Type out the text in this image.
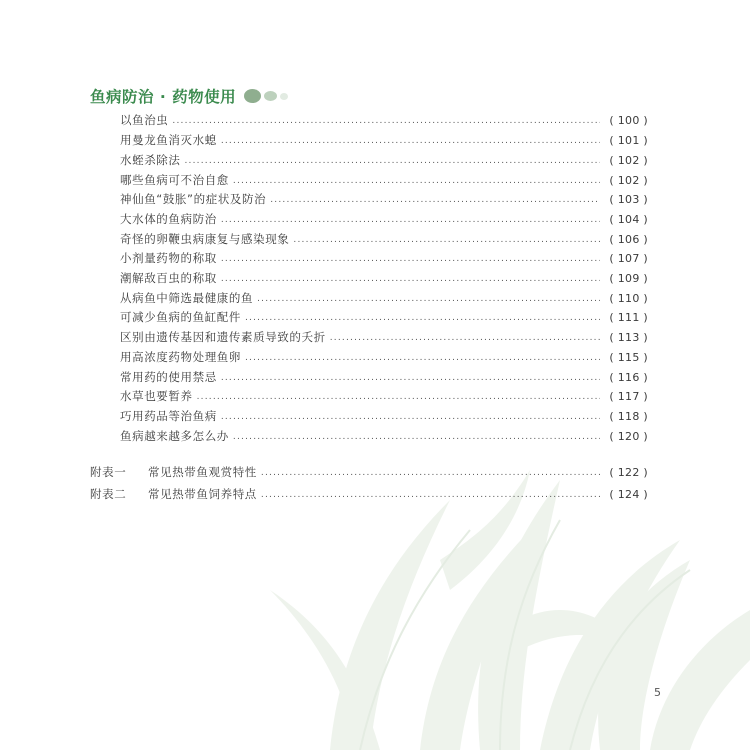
鱼病防治 · 药物使用
以鱼治虫 .....	( 100 )
用曼龙鱼消灭水螅 .....	( 101 )
水蛭杀除法 .....	( 102 )
哪些鱼病可不治自愈 .....	( 102 )
神仙鱼“鼓胀”的症状及防治 .....	( 103 )
大水体的鱼病防治 .....	( 104 )
奇怪的卵鞭虫病康复与感染现象 .....	( 106 )
小剂量药物的称取 .....	( 107 )
潮解敌百虫的称取 .....	( 109 )
从病鱼中筛选最健康的鱼 .....	( 110 )
可减少鱼病的鱼缸配件 .....	( 111 )
区别由遗传基因和遗传素质导致的夭折 .....	( 113 )
用高浓度药物处理鱼卵 .....	( 115 )
常用药的使用禁忌 .....	( 116 )
水草也要暂养 .....	( 117 )
巧用药品等治鱼病 .....	( 118 )
鱼病越来越多怎么办 .....	( 120 )
附表一	常见热带鱼观赏特性 .....	( 122 )
附表二	常见热带鱼饲养特点 .....	( 124 )
5
